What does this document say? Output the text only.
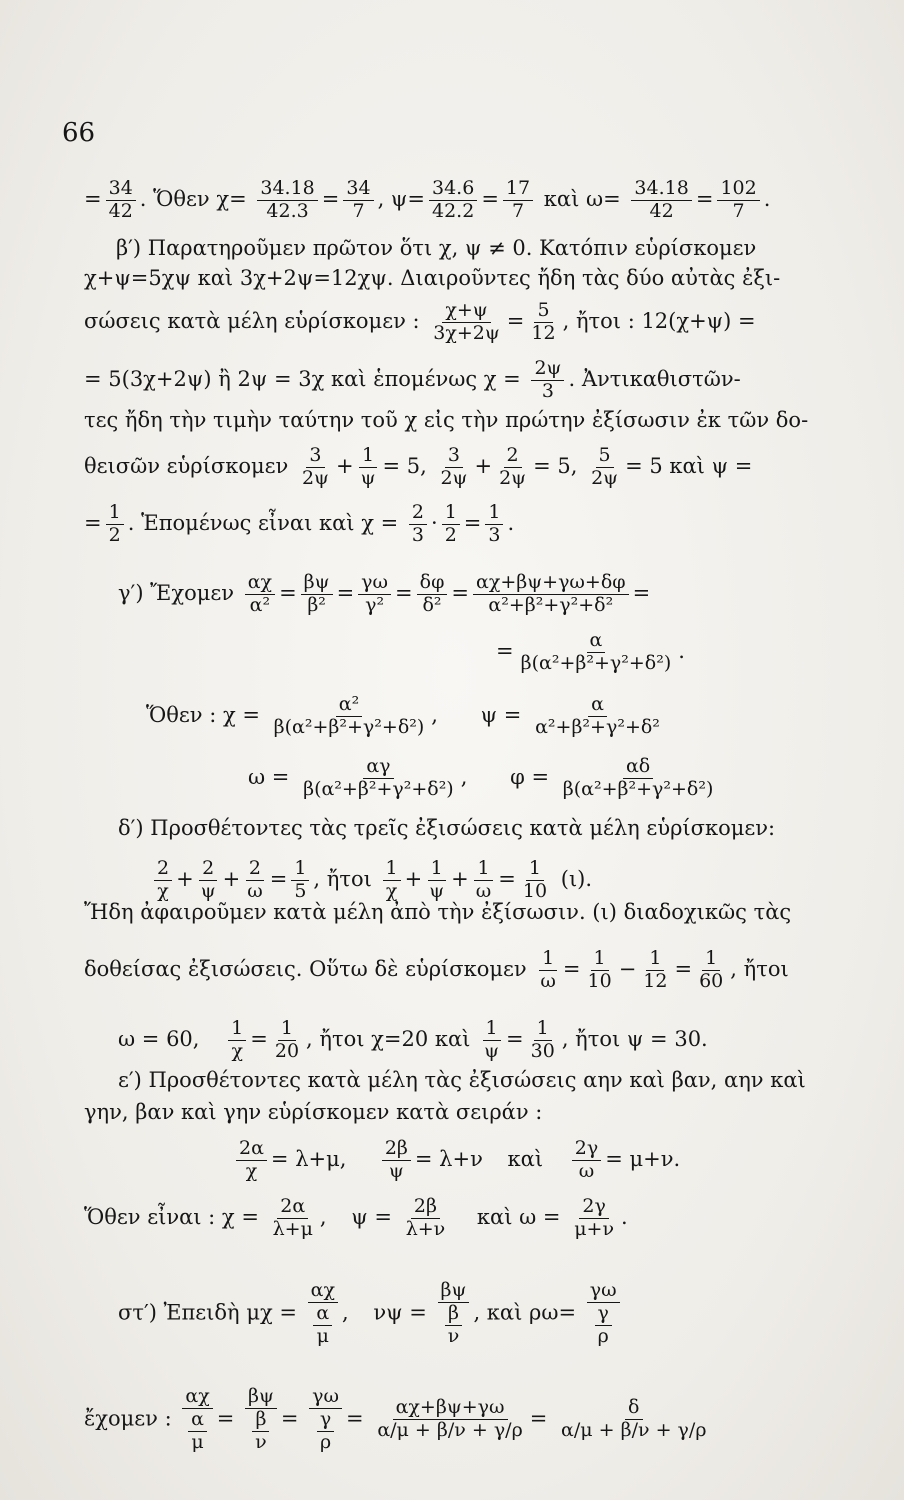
66
= $\frac{34}{42}$ . Ὅθεν $\chi= \frac{34.18}{42.3} = \frac{34}{7}$ , $\psi= \frac{34.6}{42.2} = \frac{17}{7}$ καὶ $\omega= \frac{34.18}{42} = \frac{102}{7}$ .
β′) Παρατηροῦμεν πρῶτον ὅτι χ, ψ ≠ 0. Κατόπιν εὑρίσκομεν
χ+ψ=5χψ καὶ 3χ+2ψ=12χψ. Διαιροῦντες ἤδη τὰς δύο αὐτὰς ἐξι-
σώσεις κατὰ μέλη εὑρίσκομεν : $\frac{\chi+\psi}{3\chi+2\psi} = \frac{5}{12}$ , ἤτοι : 12(χ+ψ) =
= 5(3χ+2ψ) ἢ 2ψ = 3χ καὶ ἑπομένως $\chi = \frac{2\psi}{3}$ . Ἀντικαθιστῶν-
τες ἤδη τὴν τιμὴν ταύτην τοῦ χ εἰς τὴν πρώτην ἐξίσωσιν ἐκ τῶν δο-
θεισῶν εὑρίσκομεν $\frac{3}{2\psi} + \frac{1}{\psi} = 5$, $\frac{3}{2\psi} + \frac{2}{2\psi} = 5$, $\frac{5}{2\psi} = 5$ καὶ ψ =
= $\frac{1}{2}$ . Ἑπομένως εἶναι καὶ $\chi = \frac{2}{3} \cdot \frac{1}{2} = \frac{1}{3}$ .
γ′) Ἔχομεν $\frac{\alpha\chi}{\text{α²}} = \frac{\beta\psi}{\text{β²}} = \frac{\gamma\omega}{\text{γ²}} = \frac{\delta\varphi}{\text{δ²}} = \frac{\alpha\chi+\beta\psi+\gamma\omega+\delta\varphi}{\text{α²+β²+γ²+δ²}}$ =
= $\frac{\alpha}{\text{β(α²+β²+γ²+δ²)}}$ .
Ὅθεν : $\chi = \frac{\text{α²}}{\text{β(α²+β²+γ²+δ²)}}$ , $\psi = \frac{\alpha}{\text{α²+β²+γ²+δ²}}$
$\omega = \frac{\alpha\gamma}{\text{β(α²+β²+γ²+δ²)}}$ , $\varphi = \frac{\alpha\delta}{\text{β(α²+β²+γ²+δ²)}}$
δ′) Προσθέτοντες τὰς τρεῖς ἐξισώσεις κατὰ μέλη εὑρίσκομεν:
$\frac{2}{\chi} + \frac{2}{\psi} + \frac{2}{\omega} = \frac{1}{5}$ , ἤτοι $\frac{1}{\chi} + \frac{1}{\psi} + \frac{1}{\omega} = \frac{1}{10} (\iota)$.
Ἤδη ἀφαιροῦμεν κατὰ μέλη ἀπὸ τὴν ἐξίσωσιν. (ι) διαδοχικῶς τὰς
δοθείσας ἐξισώσεις. Οὕτω δὲ εὑρίσκομεν $\frac{1}{\omega} = \frac{1}{10} - \frac{1}{12} = \frac{1}{60}$ , ἤτοι
ω = 60, $\frac{1}{\chi} = \frac{1}{20}$ , ἤτοι χ=20 καὶ $\frac{1}{\psi} = \frac{1}{30}$ , ἤτοι ψ = 30.
ε′) Προσθέτοντες κατὰ μέλη τὰς ἐξισώσεις αην καὶ βαν, αην καὶ
γην, βαν καὶ γην εὑρίσκομεν κατὰ σειράν :
$\frac{2\alpha}{\chi} = \lambda+\mu$, $\frac{2\beta}{\psi} = \lambda+\nu$ καὶ $\frac{2\gamma}{\omega} = \mu+\nu$.
Ὅθεν εἶναι : $\chi = \frac{2\alpha}{\lambda+\mu}$ , $\psi = \frac{2\beta}{\lambda+\nu}$ καὶ $\omega = \frac{2\gamma}{\mu+\nu}$ .
στ′) Ἐπειδὴ μχ =
αχ
α
μ
, νψ =
βψ
β
ν
, καὶ ρω=
γω
γ
ρ
ἔχομεν :
αχ
α
μ
=
βψ
β
ν
=
γω
γ
ρ
= $\frac{\alpha\chi+\beta\psi+\gamma\omega}{\alpha/\mu + \beta/\nu + \gamma/\rho} = \frac{\delta}{\alpha/\mu + \beta/\nu + \gamma/\rho}$
